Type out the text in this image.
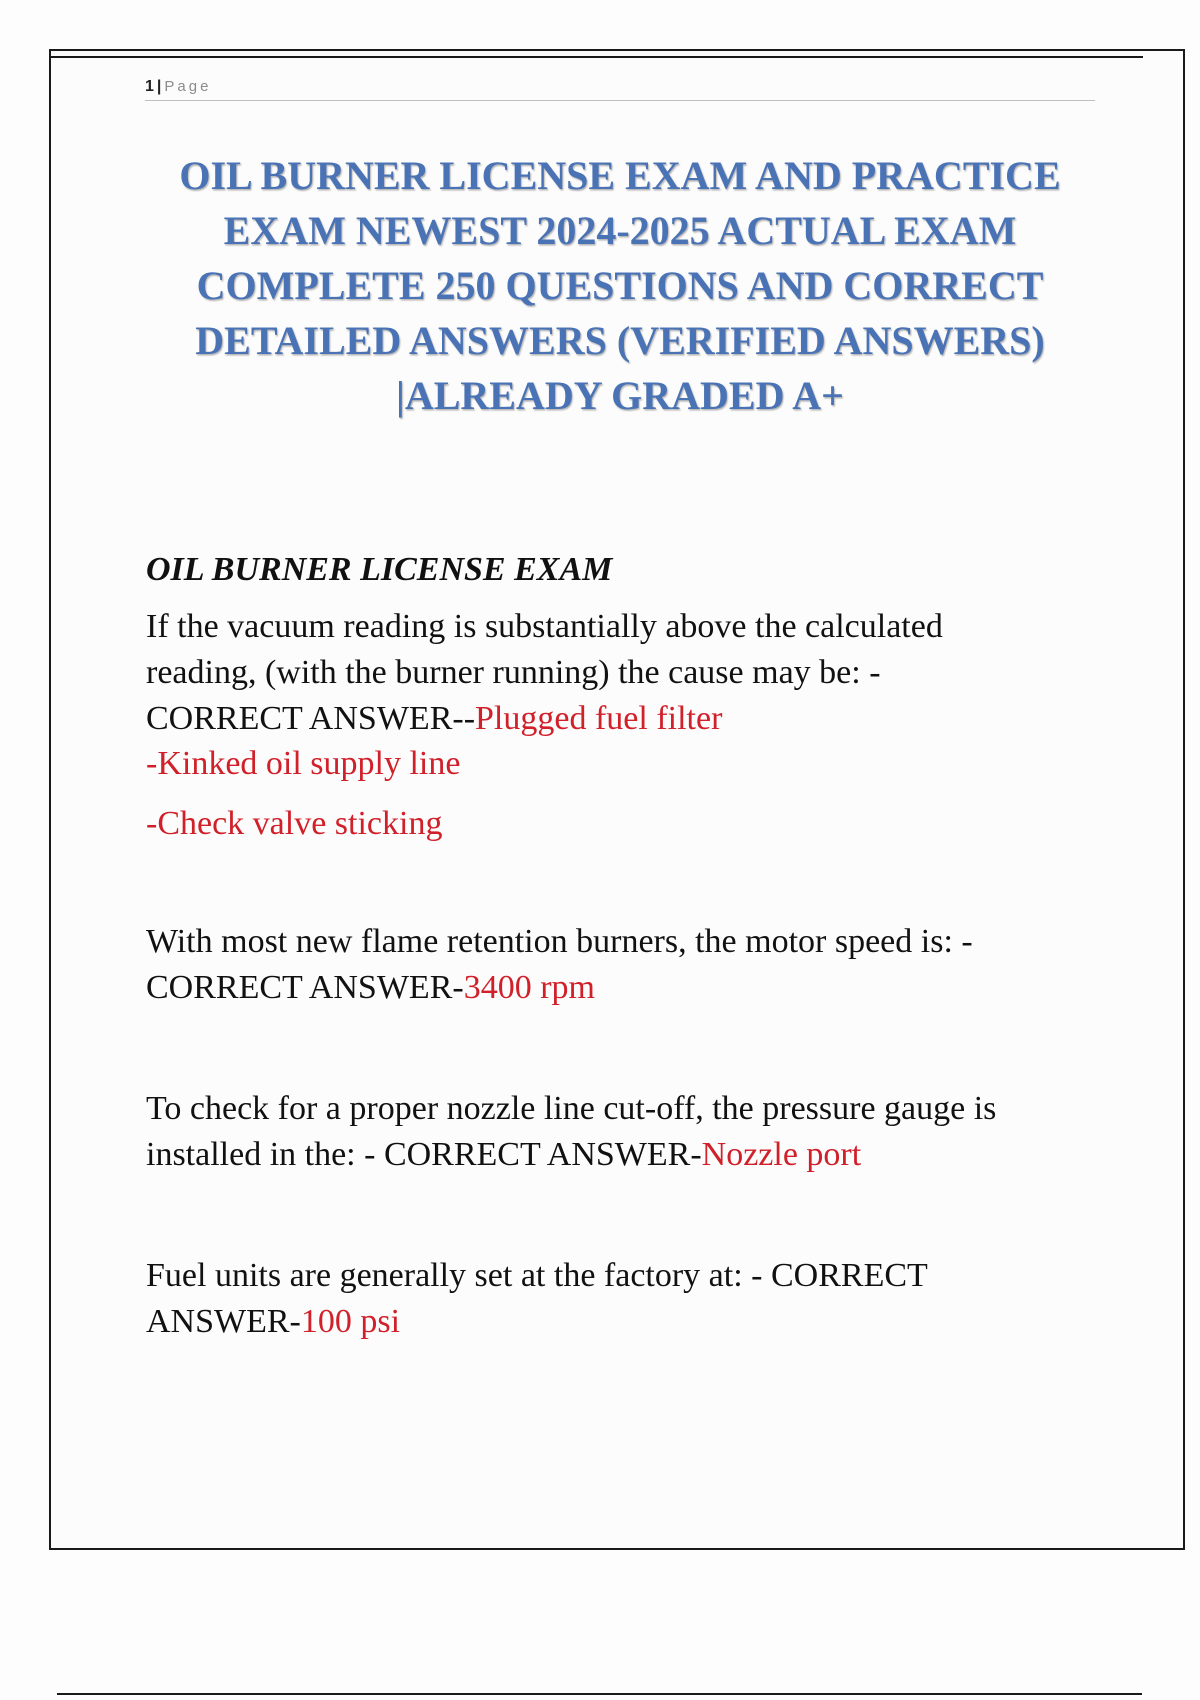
1 | Page
OIL BURNER LICENSE EXAM AND PRACTICE
EXAM NEWEST 2024-2025 ACTUAL EXAM
COMPLETE 250 QUESTIONS AND CORRECT
DETAILED ANSWERS (VERIFIED ANSWERS)
|ALREADY GRADED A+
OIL BURNER LICENSE EXAM
If the vacuum reading is substantially above the calculated
reading, (with the burner running) the cause may be: -
CORRECT ANSWER--Plugged fuel filter
-Kinked oil supply line
-Check valve sticking
With most new flame retention burners, the motor speed is: -
CORRECT ANSWER-3400 rpm
To check for a proper nozzle line cut-off, the pressure gauge is
installed in the: - CORRECT ANSWER-Nozzle port
Fuel units are generally set at the factory at: - CORRECT
ANSWER-100 psi
